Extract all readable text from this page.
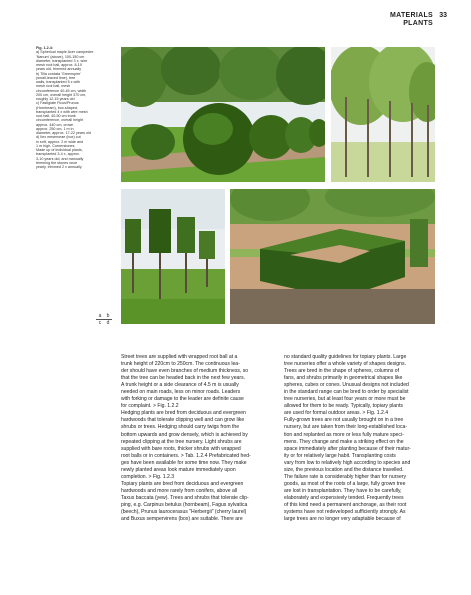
MATERIALS
PLANTS
33
Fig. 1.2.4:
a) Spherical maple Acer campestre
'Nanum' (above), 100-150 cm
diameter, transplanted 3 x, wire
mesh root ball, approx. 8-10
years old, trimmed annually
b) Tilia cordata 'Greenspire'
(small-leaved lime), tree
walls, transplanted 5 x with
mesh root ball, mesh
circumference 40-45 cm, width
200 cm, overall height 370 cm,
roughly 12-15 years old
c) Fastigiate Ficus/Prunus
(Hornbeam), box-shaped,
transplanted 4 x with wire mesh
root ball, 40-50 cm trunk
circumference, overall height
approx. 440 cm, crown
approx. 250 cm, 1 m in
diameter, approx. 17-22 years old
d) Ilex meserveae (box) cut
in soft, approx. 2 m wide and
1 m high. Cornerstones.
Made up of individual plants,
transplanted 3-4 x, approx.
3-10 years old, and manually
trimming the stones once
yearly, trimmed 2 x annually
a b
c d

Street trees are supplied with wrapped root ball at a

trunk height of 220cm to 250cm. The continuous lea-

der should have even branches of medium thickness, so

that the tree can be headed back in the next few years.

A trunk height or a side clearance of 4.5 m is usually

needed on main roads, less on minor roads. Leaders

with forking or damage to the leader are definite cause

for complaint. > Fig. 1.2.2

Hedging plants are bred from deciduous and evergreen

hardwoods that tolerate clipping well and can grow like

shrubs or trees. Hedging should carry twigs from the

bottom upwards and grow densely, which is achieved by

repeated clipping at the tree nursery. Light shrubs are

supplied with bare roots, thicker shrubs with wrapped

root balls or in containers. > Tab. 1.2.4 Prefabricated hed-

ges have been available for some time now. They make

newly planted areas look mature immediately upon

completion. > Fig. 1.2.3

Topiary plants are bred from deciduous and evergreen

hardwoods and more rarely from conifers, above all

Taxus baccata (yew). Trees and shrubs that tolerate clip-

ping, e.g. Carpinus betulus (hornbeam), Fagus sylvatica

(beech), Prunus laurocerasus "Herbergii" (cherry laurel)

and Buxus sempervirens (box) are suitable. There are

no standard quality guidelines for topiary plants. Large

tree nurseries offer a whole variety of shapes designs.

Trees are bred in the shape of spheres, columns of

fans, and shrubs primarily in geometrical shapes like

spheres, cubes or cones. Unusual designs not included

in the standard range can be bred to order by specialist

tree nurseries, but at least four years or more must be

allowed for them to be ready. Typically, topiary plants

are used for formal outdoor areas. > Fig. 1.2.4

Fully-grown trees are not usually brought on in a tree

nursery, but are taken from their long-established loca-

tion and replanted as more or less fully mature speci-

mens. They change and make a striking effect on the

space immediately after planting because of their matur-

ity or for relatively large habit. Transplanting costs

vary from low to relatively high according to species and

size, the previous location and the distance travelled.

The failure rate is considerably higher than for nursery

goods, as most of the roots of a large, fully grown tree

are lost in transplantation. They have to be carefully,

elaborately and expensively tended. Frequently trees

of this kind need a permanent anchorage, as their root

systems have not redeveloped sufficiently strongly. As

large trees are no longer very adaptable because of
